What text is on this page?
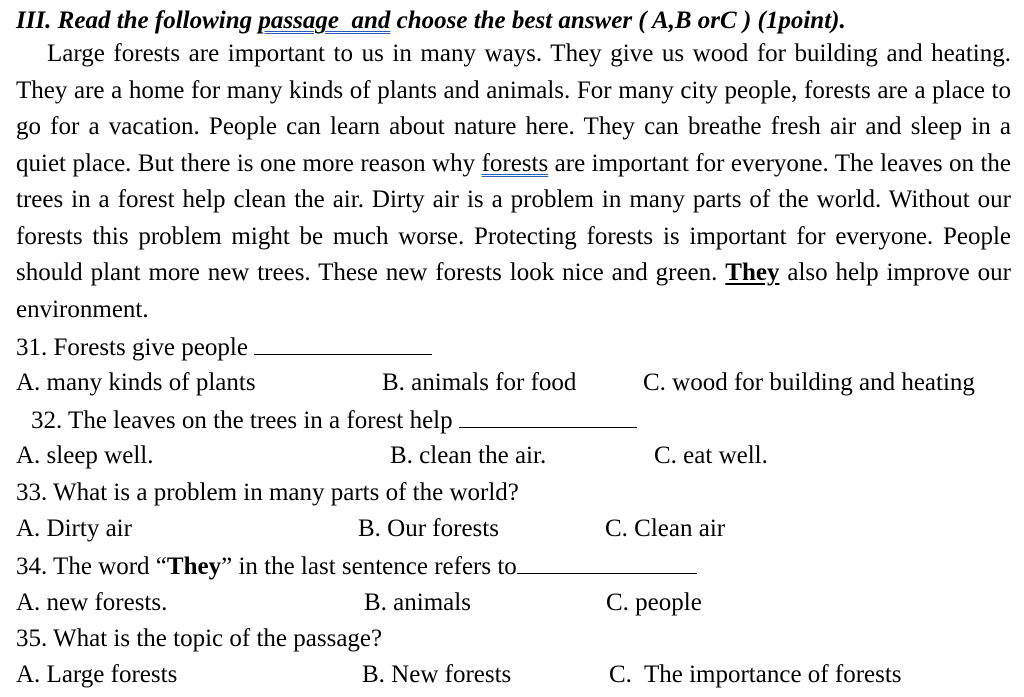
III. Read the following passage and choose the best answer ( A,B orC ) (1point).

Large forests are important to us in many ways. They give us wood for building and heating. They are a home for many kinds of plants and animals. For many city people, forests are a place to go for a vacation. People can learn about nature here. They can breathe fresh air and sleep in a quiet place. But there is one more reason why forests are important for everyone. The leaves on the trees in a forest help clean the air. Dirty air is a problem in many parts of the world. Without our forests this problem might be much worse. Protecting forests is important for everyone. People should plant more new trees. These new forests look nice and green. They also help improve our environment.

31. Forests give people
A. many kinds of plants	B. animals for food	C. wood for building and heating
32. The leaves on the trees in a forest help
A. sleep well.	B. clean the air.	C. eat well.
33. What is a problem in many parts of the world?
A. Dirty air	B. Our forests	C. Clean air
34. The word “They” in the last sentence refers to
A. new forests.	B. animals	C. people
35. What is the topic of the passage?
A. Large forests	B. New forests	C.  The importance of forests
